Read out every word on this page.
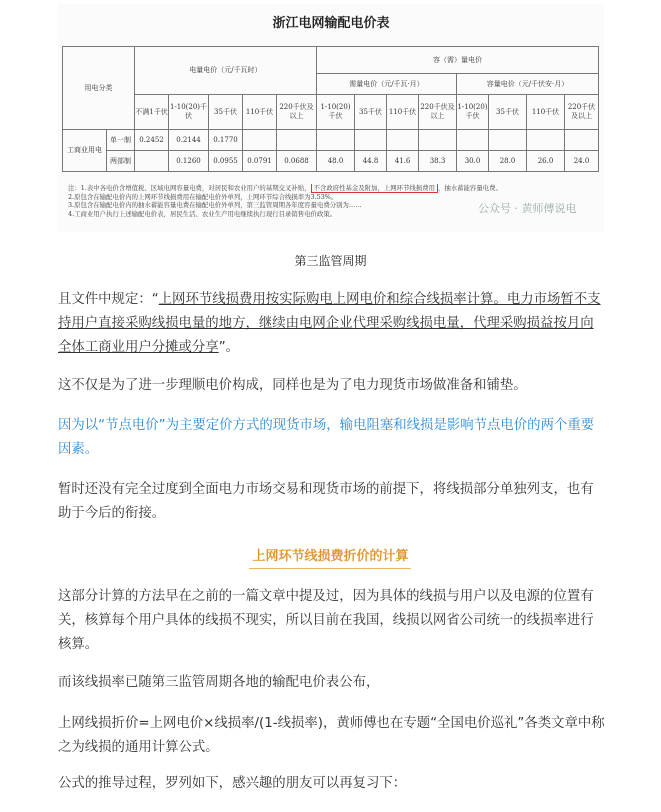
浙江电网输配电价表
用电分类		电量电价（元/千瓦时）					容（需）量电价							
							需量电价（元/千瓦·月）				容量电价（元/千伏安·月）			
		不满1千伏	1-10(20)千伏	35千伏	110千伏	220千伏及以上	1-10(20)千伏	35千伏	110千伏	220千伏及以上	1-10(20)千伏	35千伏	110千伏	220千伏及以上
工商业用电	单一制	0.2452	0.2144	0.1770										
	两部制		0.1260	0.0955	0.0791	0.0688	48.0	44.8	41.6	38.3	30.0	28.0	26.0	24.0
注：1.表中各电价含增值税、区域电网容量电费，对居民和农业用户的基期交叉补贴， 不含政府性基金及附加，上网环节线损费用 ，抽水蓄能容量电费。
2.原包含在输配电价内的上网环节线损费用在输配电价外单列，上网环节综合线损率为3.53%。
3.原包含在输配电价内的抽水蓄能容量电费在输配电价外单列，第三监管周期各年度容量电费分别为……
4.工商业用户执行上述输配电价表，居民生活、农业生产用电继续执行现行目录销售电价政策。	公众号 · 黄师傅说电
第三监管周期
且文件中规定：“上网环节线损费用按实际购电上网电价和综合线损率计算。电力市场暂不支持用户直接采购线损电量的地方，继续由电网企业代理采购线损电量，代理采购损益按月向全体工商业用户分摊或分享”。
这不仅是为了进一步理顺电价构成，同样也是为了电力现货市场做准备和铺垫。
因为以“节点电价”为主要定价方式的现货市场，输电阻塞和线损是影响节点电价的两个重要因素。
暂时还没有完全过度到全面电力市场交易和现货市场的前提下，将线损部分单独列支，也有助于今后的衔接。
上网环节线损费折价的计算
这部分计算的方法早在之前的一篇文章中提及过，因为具体的线损与用户以及电源的位置有关，核算每个用户具体的线损不现实，所以目前在我国，线损以网省公司统一的线损率进行核算。
而该线损率已随第三监管周期各地的输配电价表公布，
上网线损折价=上网电价×线损率/(1-线损率)，黄师傅也在专题“全国电价巡礼”各类文章中称之为线损的通用计算公式。
公式的推导过程，罗列如下，感兴趣的朋友可以再复习下：
